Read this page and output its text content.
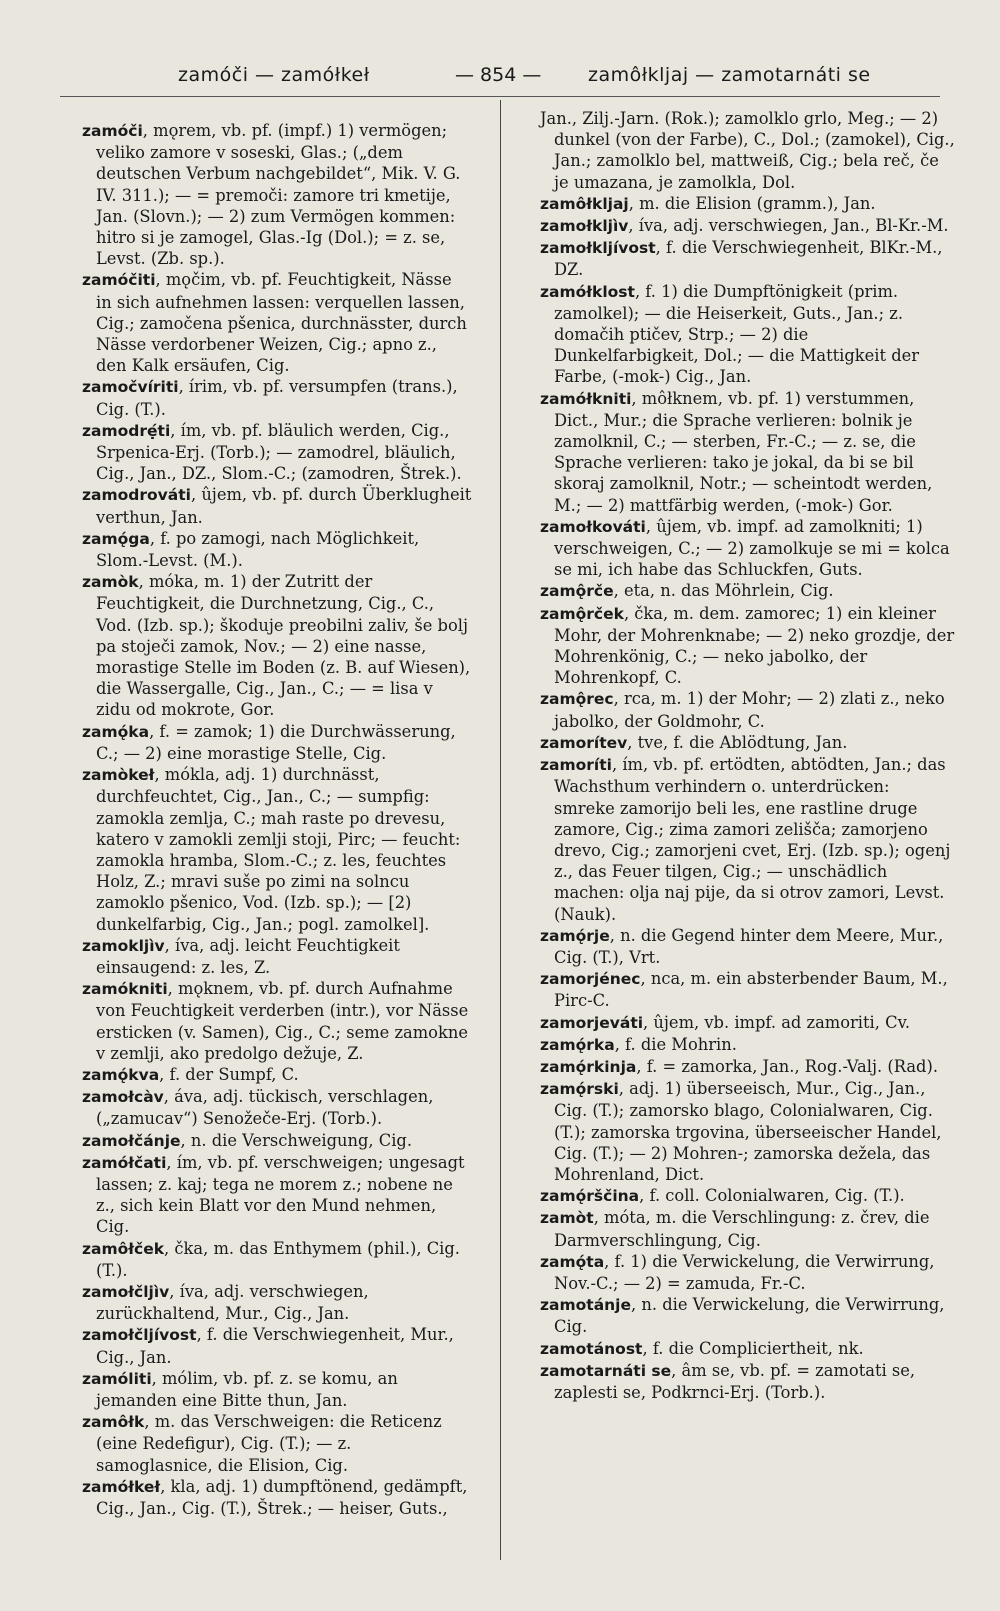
zamóči — zamółkeł	— 854 — zamôłkljaj — zamotarnáti se
zamóči, mǫrem, vb. pf. (impf.) 1) vermögen; veliko zamore v soseski, Glas.; („dem deutschen Verbum nachgebildet“, Mik. V. G. IV. 311.); — = premoči: zamore tri kmetije, Jan. (Slovn.); — 2) zum Vermögen kommen: hitro si je zamogel, Glas.-Ig (Dol.); = z. se, Levst. (Zb. sp.).
zamóčiti, mǫčim, vb. pf. Feuchtigkeit, Nässe in sich aufnehmen lassen: verquellen lassen, Cig.; zamočena pšenica, durchnässter, durch Nässe verdorbener Weizen, Cig.; apno z., den Kalk ersäufen, Cig.
zamočvíriti, írim, vb. pf. versumpfen (trans.), Cig. (T.).
zamodrẹ́ti, ím, vb. pf. bläulich werden, Cig., Srpenica-Erj. (Torb.); — zamodrel, bläulich, Cig., Jan., DZ., Slom.-C.; (zamodren, Štrek.).
zamodrováti, ûjem, vb. pf. durch Überklugheit verthun, Jan.
zamǫ́ga, f. po zamogi, nach Möglichkeit, Slom.-Levst. (M.).
zamòk, móka, m. 1) der Zutritt der Feuchtigkeit, die Durchnetzung, Cig., C., Vod. (Izb. sp.); škoduje preobilni zaliv, še bolj pa stoječi zamok, Nov.; — 2) eine nasse, morastige Stelle im Boden (z. B. auf Wiesen), die Wassergalle, Cig., Jan., C.; — = lisa v zidu od mokrote, Gor.
zamǫ́ka, f. = zamok; 1) die Durchwässerung, C.; — 2) eine morastige Stelle, Cig.
zamòkeł, mókla, adj. 1) durchnässt, durchfeuchtet, Cig., Jan., C.; — sumpfig: zamokla zemlja, C.; mah raste po drevesu, katero v zamokli zemlji stoji, Pirc; — feucht: zamokla hramba, Slom.-C.; z. les, feuchtes Holz, Z.; mravi suše po zimi na solncu zamoklo pšenico, Vod. (Izb. sp.); — [2) dunkelfarbig, Cig., Jan.; pogl. zamolkel].
zamokljìv, íva, adj. leicht Feuchtigkeit einsaugend: z. les, Z.
zamókniti, mǫknem, vb. pf. durch Aufnahme von Feuchtigkeit verderben (intr.), vor Nässe ersticken (v. Samen), Cig., C.; seme zamokne v zemlji, ako predolgo dežuje, Z.
zamǫ́kva, f. der Sumpf, C.
zamołcàv, áva, adj. tückisch, verschlagen, („zamucav“) Senožeče-Erj. (Torb.).
zamołčánje, n. die Verschweigung, Cig.
zamółčati, ím, vb. pf. verschweigen; ungesagt lassen; z. kaj; tega ne morem z.; nobene ne z., sich kein Blatt vor den Mund nehmen, Cig.
zamôłček, čka, m. das Enthymem (phil.), Cig. (T.).
zamołčljìv, íva, adj. verschwiegen, zurückhaltend, Mur., Cig., Jan.
zamołčljívost, f. die Verschwiegenheit, Mur., Cig., Jan.
zamóliti, mólim, vb. pf. z. se komu, an jemanden eine Bitte thun, Jan.
zamôłk, m. das Verschweigen: die Reticenz (eine Redefigur), Cig. (T.); — z. samoglasnice, die Elision, Cig.
zamółkeł, kla, adj. 1) dumpftönend, gedämpft, Cig., Jan., Cig. (T.), Štrek.; — heiser, Guts.,
Jan., Zilj.-Jarn. (Rok.); zamolklo grlo, Meg.; — 2) dunkel (von der Farbe), C., Dol.; (zamokel), Cig., Jan.; zamolklo bel, mattweiß, Cig.; bela reč, če je umazana, je zamolkla, Dol.
zamôłkljaj, m. die Elision (gramm.), Jan.
zamołkljìv, íva, adj. verschwiegen, Jan., Bl-Kr.-M.
zamołkljívost, f. die Verschwiegenheit, BlKr.-M., DZ.
zamółklost, f. 1) die Dumpftönigkeit (prim. zamolkel); — die Heiserkeit, Guts., Jan.; z. domačih ptičev, Strp.; — 2) die Dunkelfarbigkeit, Dol.; — die Mattigkeit der Farbe, (-mok-) Cig., Jan.
zamółkniti, môłknem, vb. pf. 1) verstummen, Dict., Mur.; die Sprache verlieren: bolnik je zamolknil, C.; — sterben, Fr.-C.; — z. se, die Sprache verlieren: tako je jokal, da bi se bil skoraj zamolknil, Notr.; — scheintodt werden, M.; — 2) mattfärbig werden, (-mok-) Gor.
zamołkováti, ûjem, vb. impf. ad zamolkniti; 1) verschweigen, C.; — 2) zamolkuje se mi = kolca se mi, ich habe das Schluckfen, Guts.
zamǫ̂rče, eta, n. das Möhrlein, Cig.
zamǫ̂rček, čka, m. dem. zamorec; 1) ein kleiner Mohr, der Mohrenknabe; — 2) neko grozdje, der Mohrenkönig, C.; — neko jabolko, der Mohrenkopf, C.
zamǫ̂rec, rca, m. 1) der Mohr; — 2) zlati z., neko jabolko, der Goldmohr, C.
zamorítev, tve, f. die Ablödtung, Jan.
zamoríti, ím, vb. pf. ertödten, abtödten, Jan.; das Wachsthum verhindern o. unterdrücken: smreke zamorijo beli les, ene rastline druge zamore, Cig.; zima zamori zelišča; zamorjeno drevo, Cig.; zamorjeni cvet, Erj. (Izb. sp.); ogenj z., das Feuer tilgen, Cig.; — unschädlich machen: olja naj pije, da si otrov zamori, Levst. (Nauk).
zamǫ́rje, n. die Gegend hinter dem Meere, Mur., Cig. (T.), Vrt.
zamorjénec, nca, m. ein absterbender Baum, M., Pirc-C.
zamorjeváti, ûjem, vb. impf. ad zamoriti, Cv.
zamǫ́rka, f. die Mohrin.
zamǫ́rkinja, f. = zamorka, Jan., Rog.-Valj. (Rad).
zamǫ́rski, adj. 1) überseeisch, Mur., Cig., Jan., Cig. (T.); zamorsko blago, Colonialwaren, Cig. (T.); zamorska trgovina, überseeischer Handel, Cig. (T.); — 2) Mohren-; zamorska dežela, das Mohrenland, Dict.
zamǫ́rščina, f. coll. Colonialwaren, Cig. (T.).
zamòt, móta, m. die Verschlingung: z. črev, die Darmverschlingung, Cig.
zamǫ́ta, f. 1) die Verwickelung, die Verwirrung, Nov.-C.; — 2) = zamuda, Fr.-C.
zamotánje, n. die Verwickelung, die Verwirrung, Cig.
zamotánost, f. die Compliciertheit, nk.
zamotarnáti se, âm se, vb. pf. = zamotati se, zaplesti se, Podkrnci-Erj. (Torb.).
